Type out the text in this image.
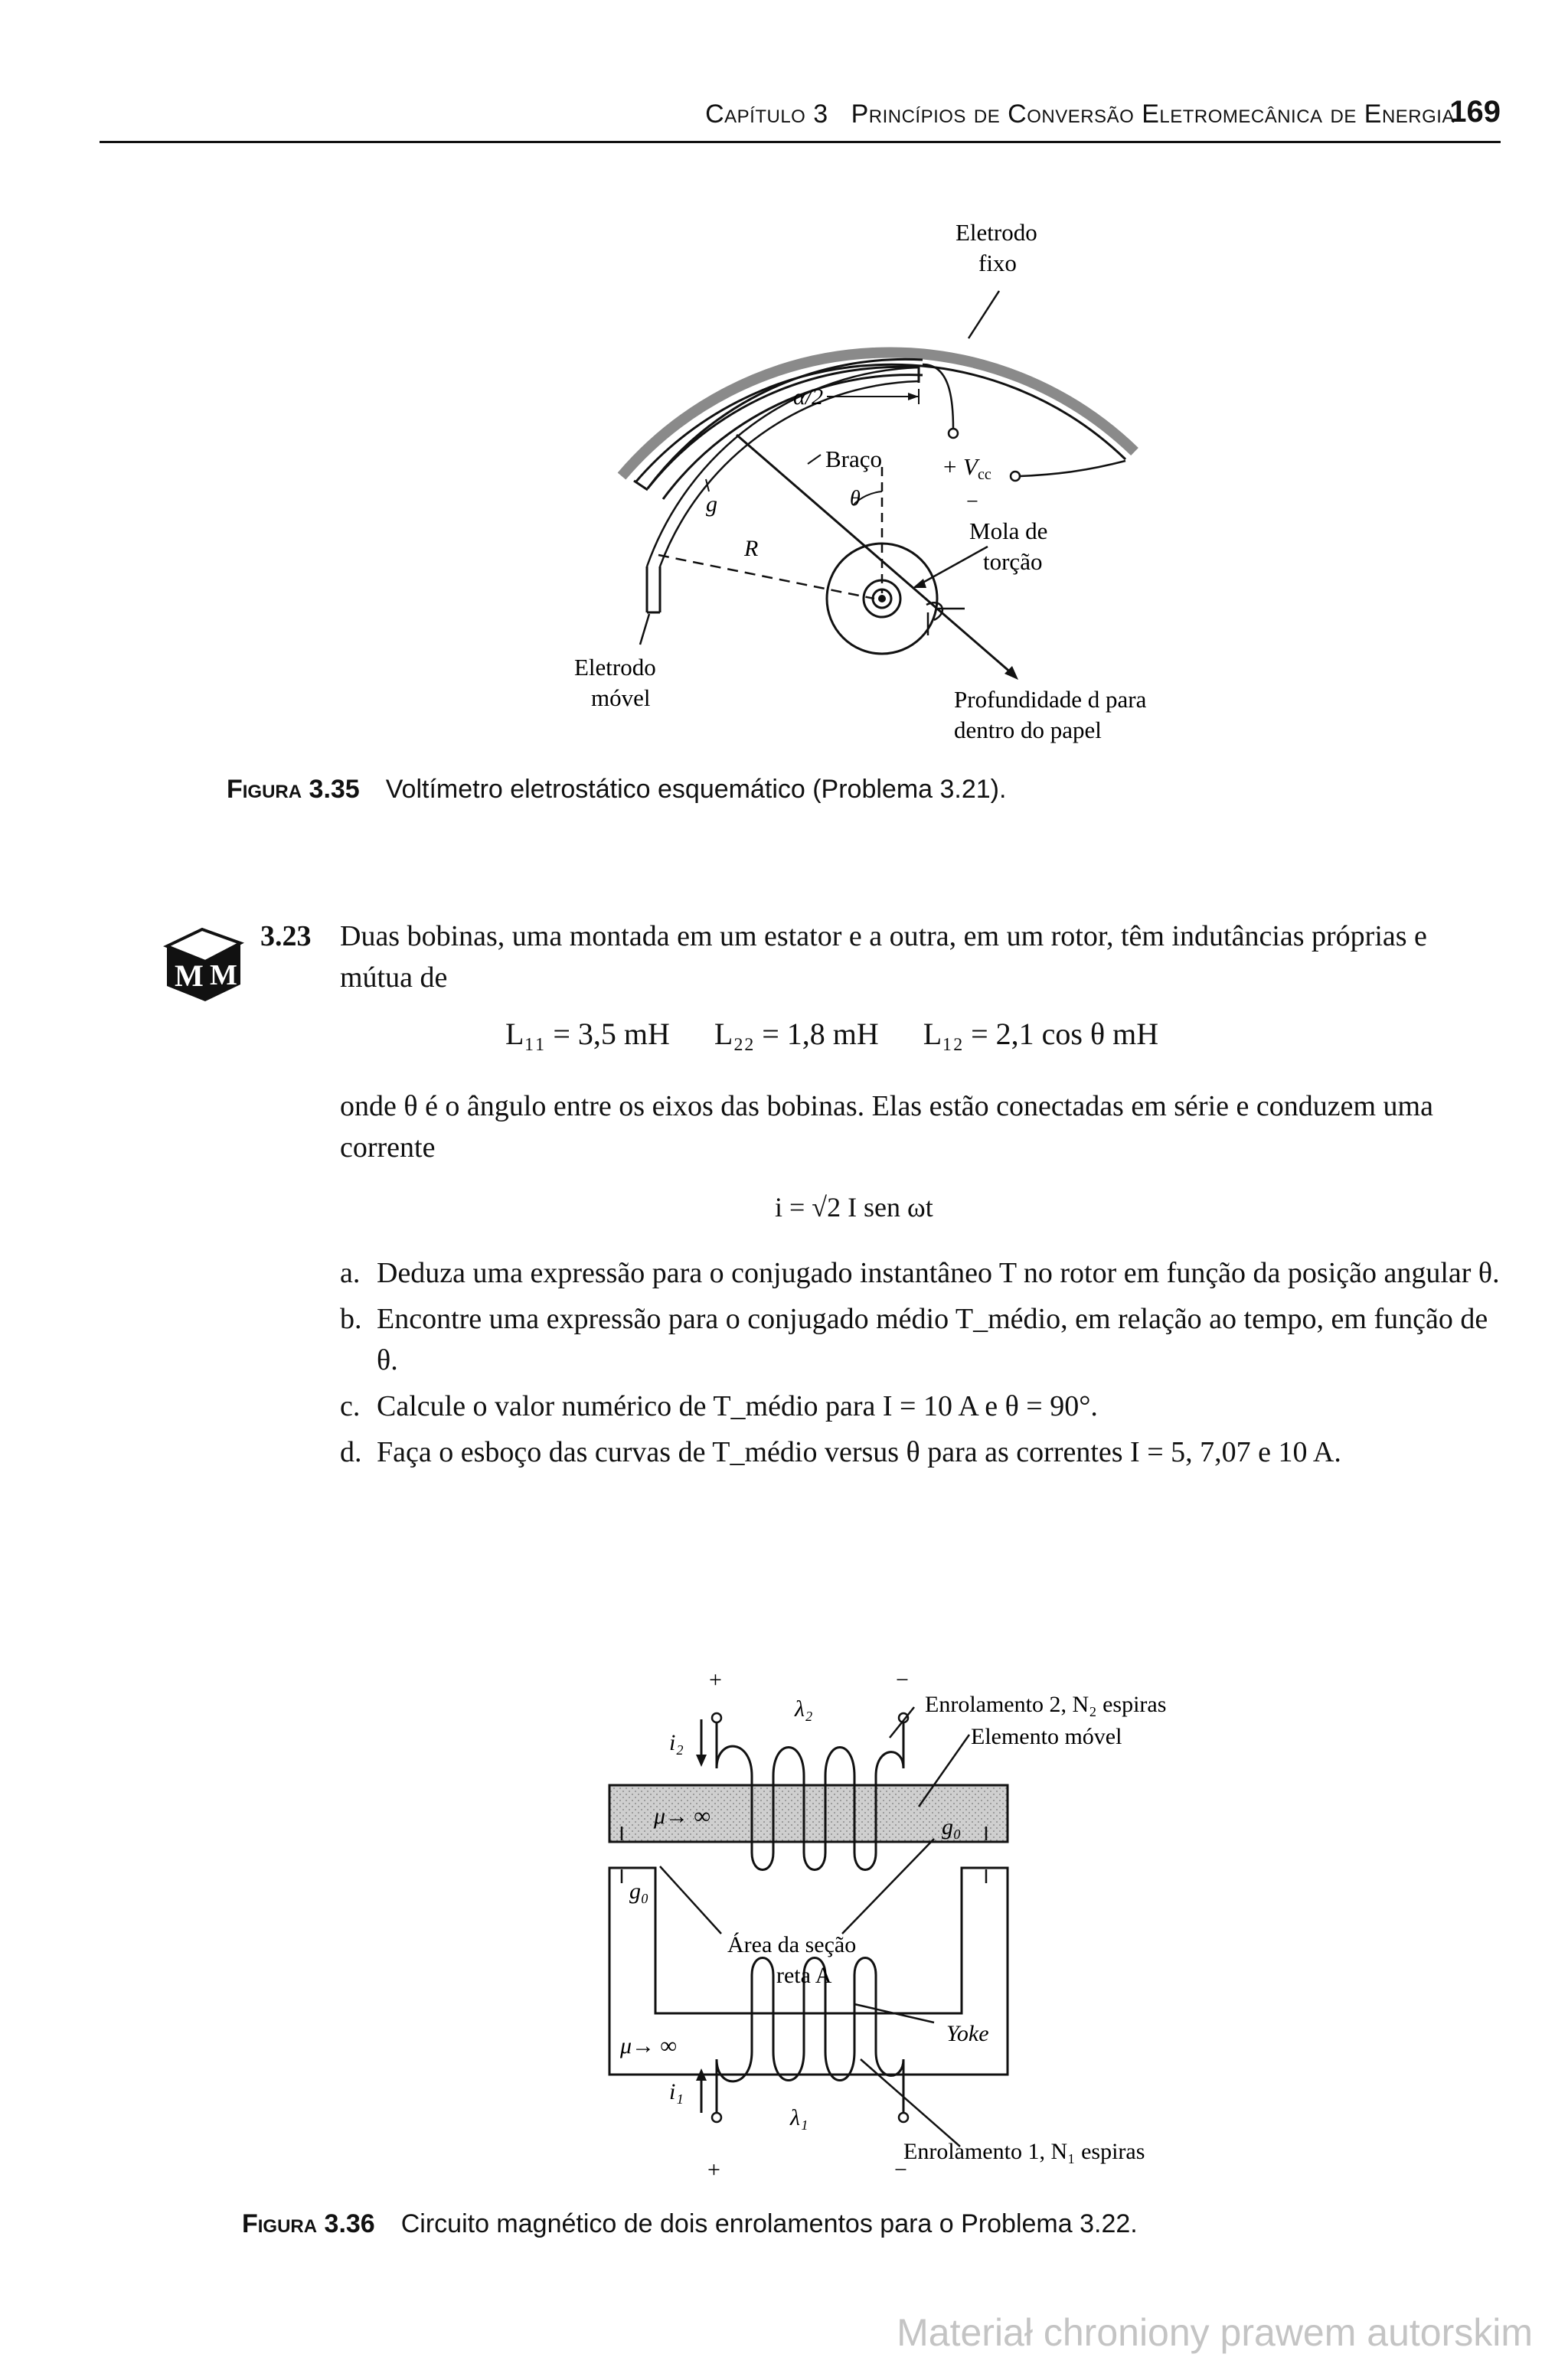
Capítulo 3 Princípios de Conversão Eletromecânica de Energia
169
Eletrodo
fixo
α/2
Braço
θ
+ Vcc
−
Mola de
torção
g
R
Eletrodo
móvel	Profundidade d para
dentro do papel
Figura 3.35 Voltímetro eletrostático esquemático (Problema 3.21).
M M
3.23 Duas bobinas, uma montada em um estator e a outra, em um rotor, têm indutâncias próprias e mútua de
L₁₁ = 3,5 mH L₂₂ = 1,8 mH L₁₂ = 2,1 cos θ mH
onde θ é o ângulo entre os eixos das bobinas. Elas estão conectadas em série e conduzem uma corrente
i = √2 I sen ωt
a. Deduza uma expressão para o conjugado instantâneo T no rotor em função da posição angular θ.
b. Encontre uma expressão para o conjugado médio T_médio, em relação ao tempo, em função de θ.
c. Calcule o valor numérico de T_médio para I = 10 A e θ = 90°.
d. Faça o esboço das curvas de T_médio versus θ para as correntes I = 5, 7,07 e 10 A.
+	−
λ₂
i₂
Enrolamento 2, N₂ espiras
Elemento móvel
μ→ ∞	g₀
g₀
Área da seção
reta A
μ→ ∞	Yoke
i₁
λ₁
Enrolamento 1, N₁ espiras
+	−
Figura 3.36 Circuito magnético de dois enrolamentos para o Problema 3.22.
Materiał chroniony prawem autorskim
